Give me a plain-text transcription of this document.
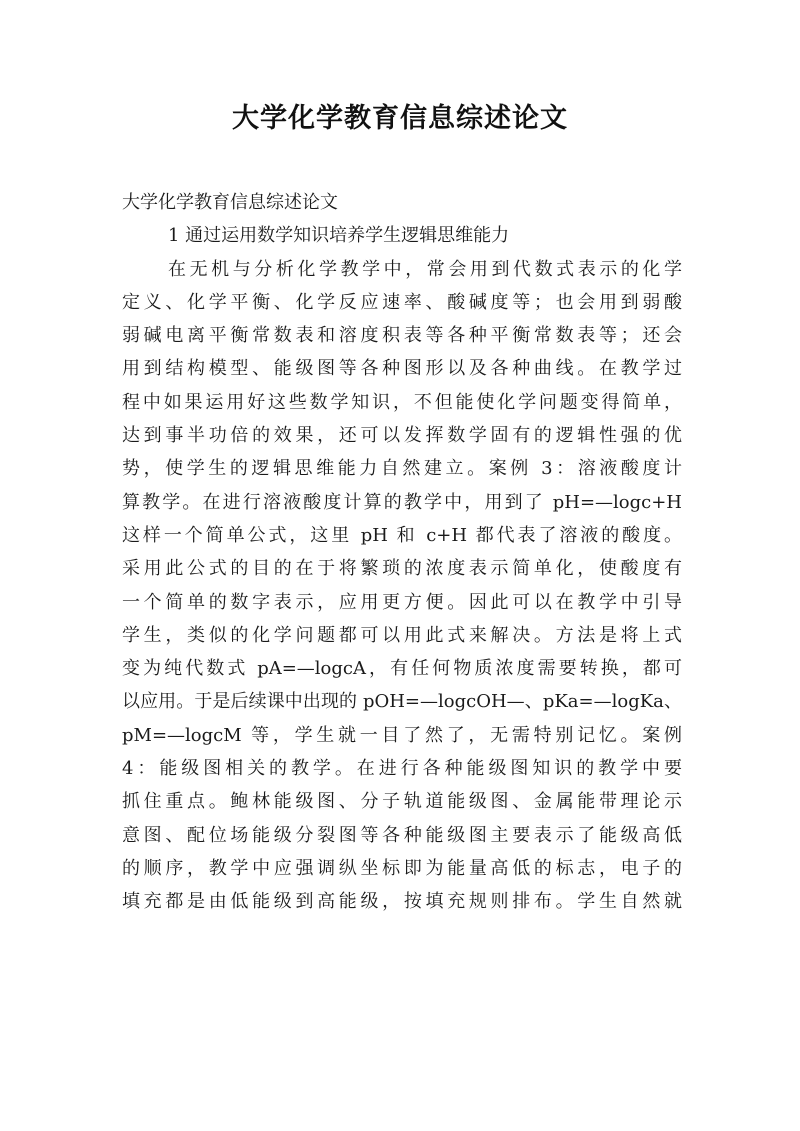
大学化学教育信息综述论文
大学化学教育信息综述论文
1 通过运用数学知识培养学生逻辑思维能力
在无机与分析化学教学中，常会用到代数式表示的化学
定义、化学平衡、化学反应速率、酸碱度等；也会用到弱酸
弱碱电离平衡常数表和溶度积表等各种平衡常数表等；还会
用到结构模型、能级图等各种图形以及各种曲线。在教学过
程中如果运用好这些数学知识，不但能使化学问题变得简单，
达到事半功倍的效果，还可以发挥数学固有的逻辑性强的优
势，使学生的逻辑思维能力自然建立。案例 3：溶液酸度计
算教学。在进行溶液酸度计算的教学中，用到了 pH=—logc+H
这样一个简单公式，这里 pH 和 c+H 都代表了溶液的酸度。
采用此公式的目的在于将繁琐的浓度表示简单化，使酸度有
一个简单的数字表示，应用更方便。因此可以在教学中引导
学生，类似的化学问题都可以用此式来解决。方法是将上式
变为纯代数式 pA=—logcA，有任何物质浓度需要转换，都可
以应用。于是后续课中出现的 pOH=—logcOH—、pKa=—logKa、
pM=—logcM 等，学生就一目了然了，无需特别记忆。案例
4：能级图相关的教学。在进行各种能级图知识的教学中要
抓住重点。鲍林能级图、分子轨道能级图、金属能带理论示
意图、配位场能级分裂图等各种能级图主要表示了能级高低
的顺序，教学中应强调纵坐标即为能量高低的标志，电子的
填充都是由低能级到高能级，按填充规则排布。学生自然就
